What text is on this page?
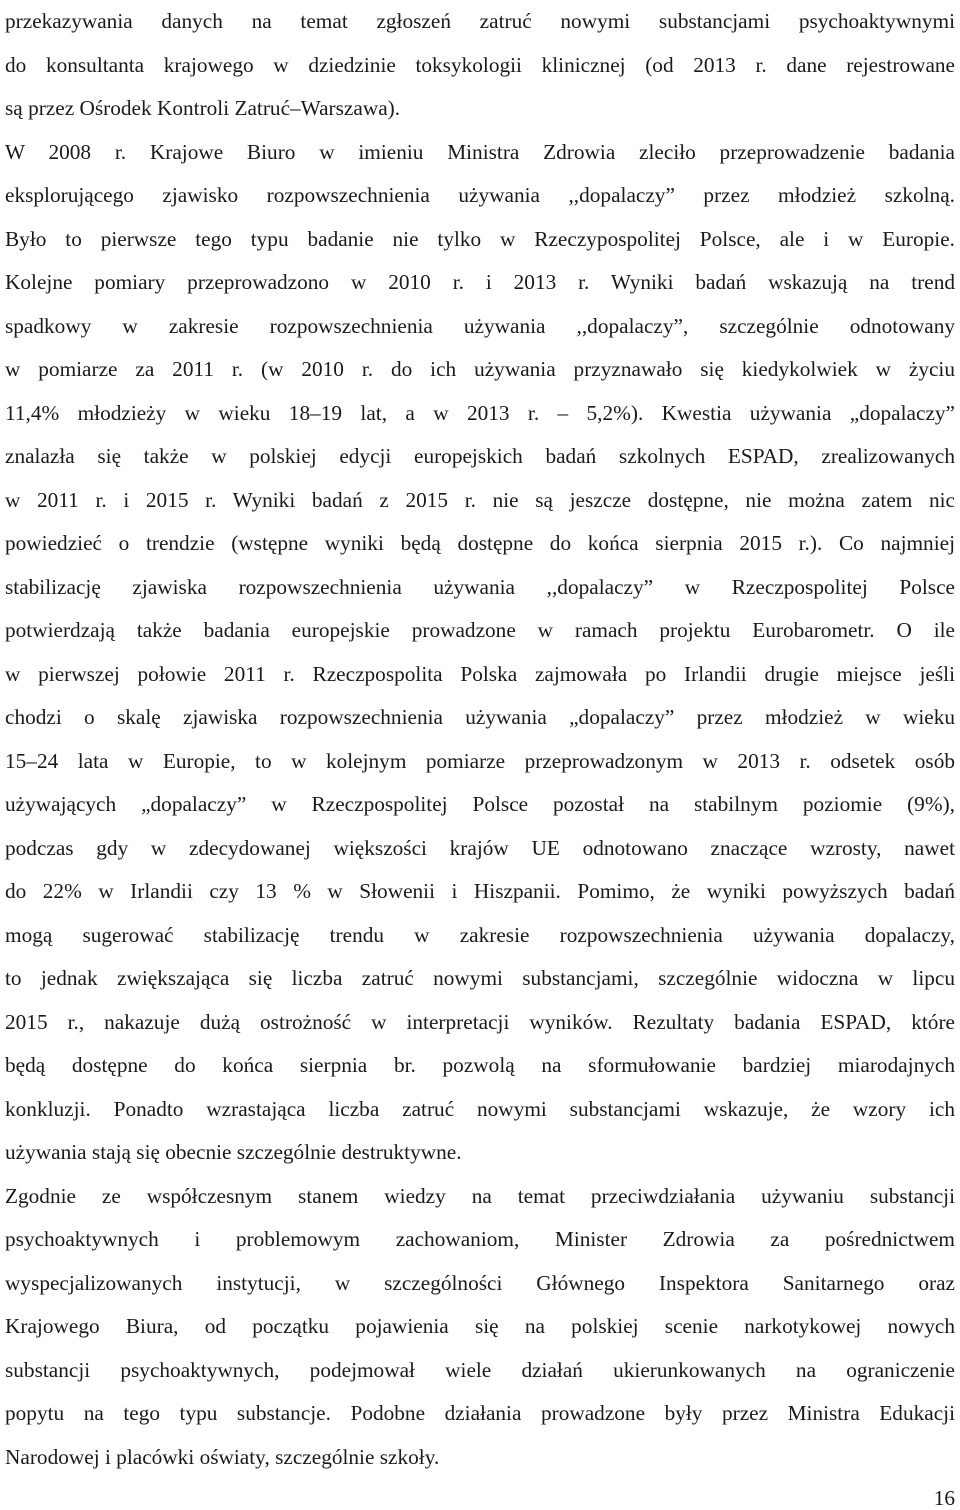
przekazywania danych na temat zgłoszeń zatruć nowymi substancjami psychoaktywnymi
do konsultanta krajowego w dziedzinie toksykologii klinicznej (od 2013 r. dane rejestrowane
są przez Ośrodek Kontroli Zatruć–Warszawa).
W 2008 r. Krajowe Biuro w imieniu Ministra Zdrowia zleciło przeprowadzenie badania
eksplorującego zjawisko rozpowszechnienia używania ,,dopalaczy” przez młodzież szkolną.
Było to pierwsze tego typu badanie nie tylko w Rzeczypospolitej Polsce, ale i w Europie.
Kolejne pomiary przeprowadzono w 2010 r. i 2013 r. Wyniki badań wskazują na trend
spadkowy w zakresie rozpowszechnienia używania ,,dopalaczy”, szczególnie odnotowany
w pomiarze za 2011 r. (w 2010 r. do ich używania przyznawało się kiedykolwiek w życiu
11,4% młodzieży w wieku 18–19 lat, a w 2013 r. – 5,2%). Kwestia używania „dopalaczy”
znalazła się także w polskiej edycji europejskich badań szkolnych ESPAD, zrealizowanych
w 2011 r. i 2015 r. Wyniki badań z 2015 r. nie są jeszcze dostępne, nie można zatem nic
powiedzieć o trendzie (wstępne wyniki będą dostępne do końca sierpnia 2015 r.). Co najmniej
stabilizację zjawiska rozpowszechnienia używania ,,dopalaczy” w Rzeczpospolitej Polsce
potwierdzają także badania europejskie prowadzone w ramach projektu Eurobarometr. O ile
w pierwszej połowie 2011 r. Rzeczpospolita Polska zajmowała po Irlandii drugie miejsce jeśli
chodzi o skalę zjawiska rozpowszechnienia używania „dopalaczy” przez młodzież w wieku
15–24 lata w Europie, to w kolejnym pomiarze przeprowadzonym w 2013 r. odsetek osób
używających „dopalaczy” w Rzeczpospolitej Polsce pozostał na stabilnym poziomie (9%),
podczas gdy w zdecydowanej większości krajów UE odnotowano znaczące wzrosty, nawet
do 22% w Irlandii czy 13 % w Słowenii i Hiszpanii. Pomimo, że wyniki powyższych badań
mogą sugerować stabilizację trendu w zakresie rozpowszechnienia używania dopalaczy,
to jednak zwiększająca się liczba zatruć nowymi substancjami, szczególnie widoczna w lipcu
2015 r., nakazuje dużą ostrożność w interpretacji wyników. Rezultaty badania ESPAD, które
będą dostępne do końca sierpnia br. pozwolą na sformułowanie bardziej miarodajnych
konkluzji. Ponadto wzrastająca liczba zatruć nowymi substancjami wskazuje, że wzory ich
używania stają się obecnie szczególnie destruktywne.
Zgodnie ze współczesnym stanem wiedzy na temat przeciwdziałania używaniu substancji
psychoaktywnych i problemowym zachowaniom, Minister Zdrowia za pośrednictwem
wyspecjalizowanych instytucji, w szczególności Głównego Inspektora Sanitarnego oraz
Krajowego Biura, od początku pojawienia się na polskiej scenie narkotykowej nowych
substancji psychoaktywnych, podejmował wiele działań ukierunkowanych na ograniczenie
popytu na tego typu substancje. Podobne działania prowadzone były przez Ministra Edukacji
Narodowej i placówki oświaty, szczególnie szkoły.
16
